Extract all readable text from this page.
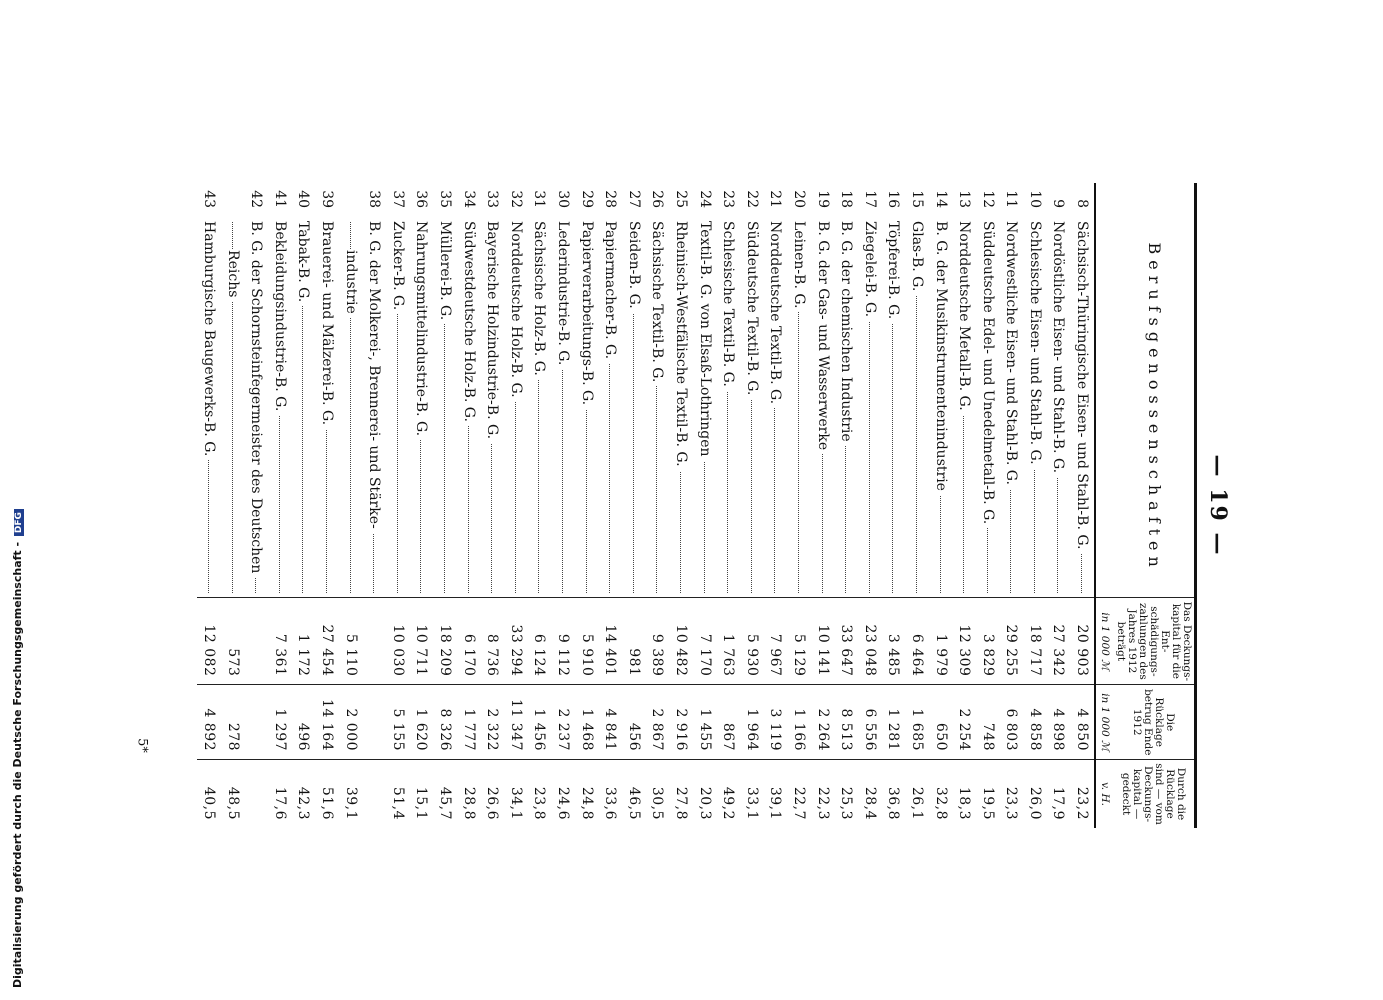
Digitalisierung gefördert durch die Deutsche Forschungsgemeinschaft - DFG
5*
— 19 —
	Berufsgenossenschaften	Das Deckungskapital für die Entschädigungszahlungen des Jahres 1912 beträgt	Die Rücklage betrug Ende 1912	Durch die Rücklage sind — vom Deckungskapital — gedeckt
		in 1 000 ℳ	in 1 000 ℳ	v. H.
8	Sächsisch-Thüringische Eisen- und Stahl-B. G.	20 903	4 850	23,2
9	Nordöstliche Eisen- und Stahl-B. G.	27 342	4 898	17,9
10	Schlesische Eisen- und Stahl-B. G.	18 717	4 858	26,0
11	Nordwestliche Eisen- und Stahl-B. G.	29 255	6 803	23,3
12	Süddeutsche Edel- und Unedelmetall-B. G.	3 829	748	19,5
13	Norddeutsche Metall-B. G.	12 309	2 254	18,3
14	B. G. der Musikinstrumentenindustrie	1 979	650	32,8
15	Glas-B. G.	6 464	1 685	26,1
16	Töpferei-B. G.	3 485	1 281	36,8
17	Ziegelei-B. G.	23 048	6 556	28,4
18	B. G. der chemischen Industrie	33 647	8 513	25,3
19	B. G. der Gas- und Wasserwerke	10 141	2 264	22,3
20	Leinen-B. G.	5 129	1 166	22,7
21	Norddeutsche Textil-B. G.	7 967	3 119	39,1
22	Süddeutsche Textil-B. G.	5 930	1 964	33,1
23	Schlesische Textil-B. G.	1 763	867	49,2
24	Textil-B. G. von Elsaß-Lothringen	7 170	1 455	20,3
25	Rheinisch-Westfälische Textil-B. G.	10 482	2 916	27,8
26	Sächsische Textil-B. G.	9 389	2 867	30,5
27	Seiden-B. G.	981	456	46,5
28	Papiermacher-B. G.	14 401	4 841	33,6
29	Papierverarbeitungs-B. G.	5 910	1 468	24,8
30	Lederindustrie-B. G.	9 112	2 237	24,6
31	Sächsische Holz-B. G.	6 124	1 456	23,8
32	Norddeutsche Holz-B. G.	33 294	11 347	34,1
33	Bayerische Holzindustrie-B. G.	8 736	2 322	26,6
34	Südwestdeutsche Holz-B. G.	6 170	1 777	28,8
35	Müllerei-B. G.	18 209	8 326	45,7
36	Nahrungsmittelindustrie-B. G.	10 711	1 620	15,1
37	Zucker-B. G.	10 030	5 155	51,4
38	B. G. der Molkerei-, Brennerei- und Stärke-			

industrie	5 110	2 000	39,1
39	Brauerei- und Mälzerei-B. G.	27 454	14 164	51,6
40	Tabak-B. G.	1 172	496	42,3
41	Bekleidungsindustrie-B. G.	7 361	1 297	17,6
42	B. G. der Schornsteinfegermeister des Deutschen			

Reichs	573	278	48,5
43	Hamburgische Baugewerks-B. G.	12 082	4 892	40,5
